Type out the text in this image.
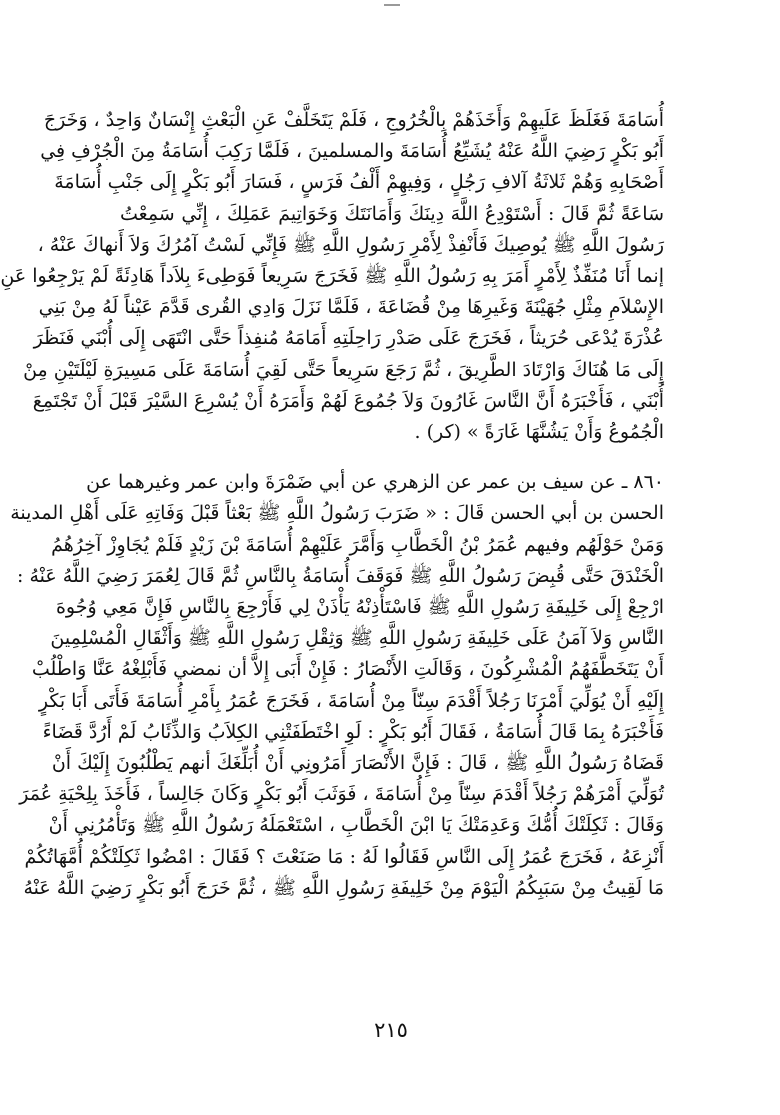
أُسَامَةَ فَغَلَظَ عَلَيهِمْ وَأَخَذَهُمْ بِالْخُرُوجِ ، فَلَمْ يَتَخَلَّفْ عَنِ الْبَعْثِ إِنْسَانٌ وَاحِدٌ ، وَخَرَجَ
أَبُو بَكْرٍ رَضِيَ اللَّهُ عَنْهُ يُشَيِّعُ أُسَامَةَ والمسلمينَ ، فَلَمَّا رَكِبَ أُسَامَةُ مِنَ الْجُرْفِ فِي
أَصْحَابِهِ وَهُمْ ثَلاثَةُ آلافِ رَجُلٍ ، وَفِيهِمْ أَلْفُ فَرَسٍ ، فَسَارَ أَبُو بَكْرٍ إِلَى جَنْبِ أُسَامَةَ
سَاعَةً ثُمَّ قَالَ : أَسْتَوْدِعُ اللَّهَ دِينَكَ وَأَمَانَتَكَ وَخَوَاتِيمَ عَمَلِكَ ، إِنِّي سَمِعْتُ
رَسُولَ اللَّهِ ﷺ يُوصِيكَ فَأَنْفِذْ لِأَمْرِ رَسُولِ اللَّهِ ﷺ فَإِنِّي لَسْتُ آمُرُكَ وَلاَ أَنهاكَ عَنْهُ ،
إنما أَنَا مُنَفِّذٌ لِأَمْرٍ أَمَرَ بِهِ رَسُولُ اللَّهِ ﷺ فَخَرَجَ سَرِيعاً فَوَطِىءَ بِلاَداً هَادِئَةً لَمْ يَرْجِعُوا عَنِ
الإِسْلاَمِ مِثْلِ جُهَيْنَةَ وَغَيرِهَا مِنْ قُضَاعَةَ ، فَلَمَّا نَزَلَ وَادِي القُرى قَدَّمَ عَيْناً لَهُ مِنْ بَنِي
عُذْرَةَ يُدْعَى حُرَيثاً ، فَخَرَجَ عَلَى صَدْرِ رَاحِلَتِهِ أَمَامَهُ مُنفِذاً حَتَّى انْتَهَى إِلَى أُبْنَي فَنَظَرَ
إِلَى مَا هُنَاكَ وَارْتَادَ الطَّرِيقَ ، ثُمَّ رَجَعَ سَرِيعاً حَتَّى لَقِيَ أُسَامَةَ عَلَى مَسِيرَةِ لَيْلَتَيْنِ مِنْ
أُبْنَي ، فَأَخْبَرَهُ أَنَّ النَّاسَ غَارُونَ وَلاَ جُمُوعَ لَهُمْ وَأَمَرَهُ أَنْ يُسْرِعَ السَّيْرَ قَبْلَ أَنْ تَجْتَمِعَ
الْجُمُوعُ وَأَنْ يَشُنَّهَا غَارَةً » (كر) .

٨٦٠ ـ عن سيف بن عمر عن الزهري عن أبي ضَمْرَةَ وابن عمر وغيرهما عن
الحسن بن أبي الحسن قَالَ : « ضَرَبَ رَسُولُ اللَّهِ ﷺ بَعْثاً قَبْلَ وَفَاتِهِ عَلَى أَهْلِ المدينة
وَمَنْ حَوْلَهُم وفيهم عُمَرُ بْنُ الْخَطَّابِ وَأَمَّرَ عَلَيْهِمْ أُسَامَةَ بْنَ زَيْدٍ فَلَمْ يُجَاوِزْ آخِرُهُمُ
الْخَنْدَقَ حَتَّى قُبِضَ رَسُولُ اللَّهِ ﷺ فَوَقَفَ أُسَامَةُ بِالنَّاسِ ثُمَّ قَالَ لِعُمَرَ رَضِيَ اللَّهُ عَنْهُ :
ارْجِعْ إِلَى خَلِيفَةِ رَسُولِ اللَّهِ ﷺ فَاسْتَأْذِنْهُ يَأْذَنْ لِي فَأَرْجِعَ بِالنَّاسِ فَإِنَّ مَعِي وُجُوهَ
النَّاسِ وَلاَ آمَنُ عَلَى خَلِيفَةِ رَسُولِ اللَّهِ ﷺ وَثِقْلِ رَسُولِ اللَّهِ ﷺ وَأَثْقَالِ الْمُسْلِمِينَ
أَنْ يَتَخَطَّفَهُمُ الْمُشْرِكُونَ ، وَقَالَتِ الأَنْصَارُ : فَإِنْ أَبَى إِلاَّ أن نمضي فَأَبْلِغْهُ عَنَّا وَاطْلُبْ
إِلَيْهِ أَنْ يُوَلِّيَ أَمْرَنَا رَجُلاً أَقْدَمَ سِنّاً مِنْ أُسَامَةَ ، فَخَرَجَ عُمَرُ بِأَمْرِ أُسَامَةَ فَأَتَى أَبَا بَكْرٍ
فَأَخْبَرَهُ بِمَا قَالَ أُسَامَةُ ، فَقَالَ أَبُو بَكْرٍ : لَوِ اخْتَطَفَتْنِي الكِلاَبُ وَالذِّئَابُ لَمْ أَرُدَّ قَضَاءً
قَضَاهُ رَسُولُ اللَّهِ ﷺ ، قَالَ : فَإِنَّ الأَنْصَارَ أَمَرُونِي أَنْ أُبَلِّغَكَ أنهم يَطْلُبُونَ إِلَيْكَ أَنْ
تُوَلِّيَ أَمْرَهُمْ رَجُلاً أَقْدَمَ سِنّاً مِنْ أُسَامَةَ ، فَوَثَبَ أَبُو بَكْرٍ وَكَانَ جَالِساً ، فَأَخَذَ بِلِحْيَةِ عُمَرَ
وَقَالَ : ثَكِلَتْكَ أُمُّكَ وَعَدِمَتْكَ يَا ابْنَ الْخَطَّابِ ، اسْتَعْمَلَهُ رَسُولُ اللَّهِ ﷺ وَتَأْمُرُنِي أَنْ
أَنْزِعَهُ ، فَخَرَجَ عُمَرُ إِلَى النَّاسِ فَقَالُوا لَهُ : مَا صَنَعْتَ ؟ فَقَالَ : امْضُوا ثَكِلَتْكُمْ أُمَّهَاتُكُمْ
مَا لَقِيتُ مِنْ سَبَبِكُمُ الْيَوْمَ مِنْ خَلِيفَةِ رَسُولِ اللَّهِ ﷺ ، ثُمَّ خَرَجَ أَبُو بَكْرٍ رَضِيَ اللَّهُ عَنْهُ

٢١٥
